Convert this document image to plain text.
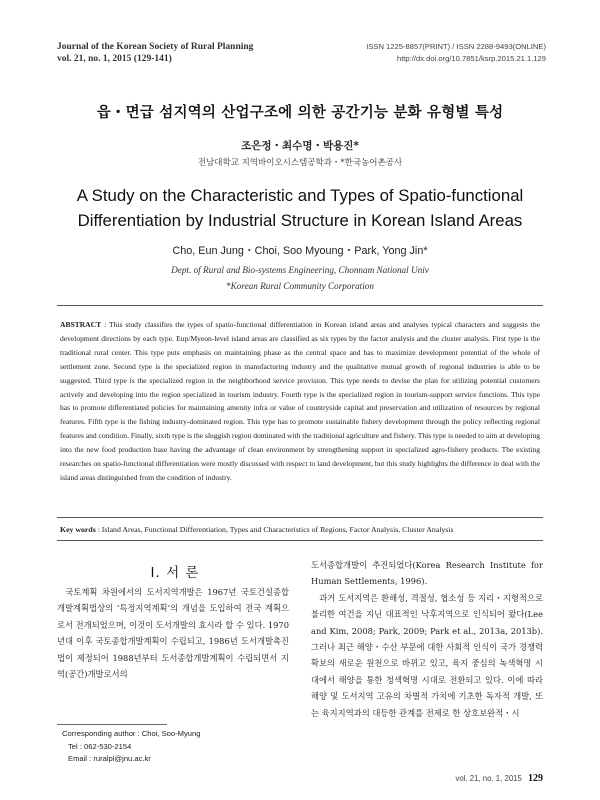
Journal of the Korean Society of Rural Planning
vol. 21, no. 1, 2015 (129-141)
ISSN 1225-8857(PRINT) / ISSN 2288-9493(ONLINE)
http://dx.doi.org/10.7851/ksrp.2015.21.1.129
읍・면급 섬지역의 산업구조에 의한 공간기능 분화 유형별 특성
조은정・최수명・박용진*
전남대학교 지역바이오시스템공학과・*한국농어촌공사
A Study on the Characteristic and Types of Spatio-functional
Differentiation by Industrial Structure in Korean Island Areas
Cho, Eun Jung・Choi, Soo Myoung・Park, Yong Jin*
Dept. of Rural and Bio-systems Engineering, Chonnam National Univ
*Korean Rural Community Corporation
ABSTRACT : This study classifies the types of spatio-functional differentiation in Korean island areas and analyses typical characters and suggests the development directions by each type. Eup/Myeon-level island areas are classified as six types by the factor analysis and the cluster analysis. First type is the traditional rural center. This type puts emphasis on maintaining phase as the central space and has to maximize development potential of the whole of settlement zone. Second type is the specialized region in manufacturing industry and the qualitative mutual growth of regional industries is able to be suggested. Third type is the specialized region in the neighborhood service provision. This type needs to devise the plan for utilizing potential customers actively and developing into the region specialized in tourism industry. Fourth type is the specialized region in tourism-support service functions. This type has to promote differentiated policies for maintaining amenity infra or value of countryside capital and preservation and utilization of resources by regional features. Fifth type is the fishing industry-dominated region. This type has to promote sustainable fishery development through the policy reflecting regional features and condition. Finally, sixth type is the sluggish region dominated with the traditional agriculture and fishery. This type is needed to aim at developing into the new food production base having the advantage of clean environment by strengthening support in specialized agro-fishery products. The existing researches on spatio-functional differentiation were mostly discussed with respect to land development, but this study highlights the difference in deal with the island areas distinguished from the condition of industry.
Key words : Island Areas, Functional Differentiation, Types and Characteristics of Regions, Factor Analysis, Cluster Analysis
Ⅰ. 서 론

국토계획 차원에서의 도서지역개발은 1967년 국토건설종합개발계획법상의 ‘특정지역계획’의 개념을 도입하여 전국 계획으로서 전개되었으며, 이것이 도서개발의 효시라 할 수 있다. 1970년대 이후 국토종합개발계획이 수립되고, 1986년 도서개발촉진법이 제정되어 1988년부터 도서종합개발계획이 수립되면서 지역(공간)개발로서의

도서종합개발이 추진되었다(Korea Research Institute for Human Settlements, 1996).

과거 도서지역은 환해성, 격절성, 협소성 등 지리・지형적으로 불리한 여건을 지닌 대표적인 낙후지역으로 인식되어 왔다(Lee and Kim, 2008; Park, 2009; Park et al., 2013a, 2013b). 그러나 최근 해양・수산 부문에 대한 사회적 인식이 국가 경쟁력 확보의 새로운 원천으로 바뀌고 있고, 육지 중심의 녹색혁명 시대에서 해양을 통한 청색혁명 시대로 전환되고 있다. 이에 따라 해양 및 도서지역 고유의 차별적 가치에 기초한 독자적 개발, 또는 육지지역과의 대등한 관계를 전제로 한 상호보완적・시

Corresponding author : Choi, Soo-Myung
Tel : 062-530-2154
Email : ruralpl@jnu.ac.kr
vol. 21, no. 1, 2015 129
